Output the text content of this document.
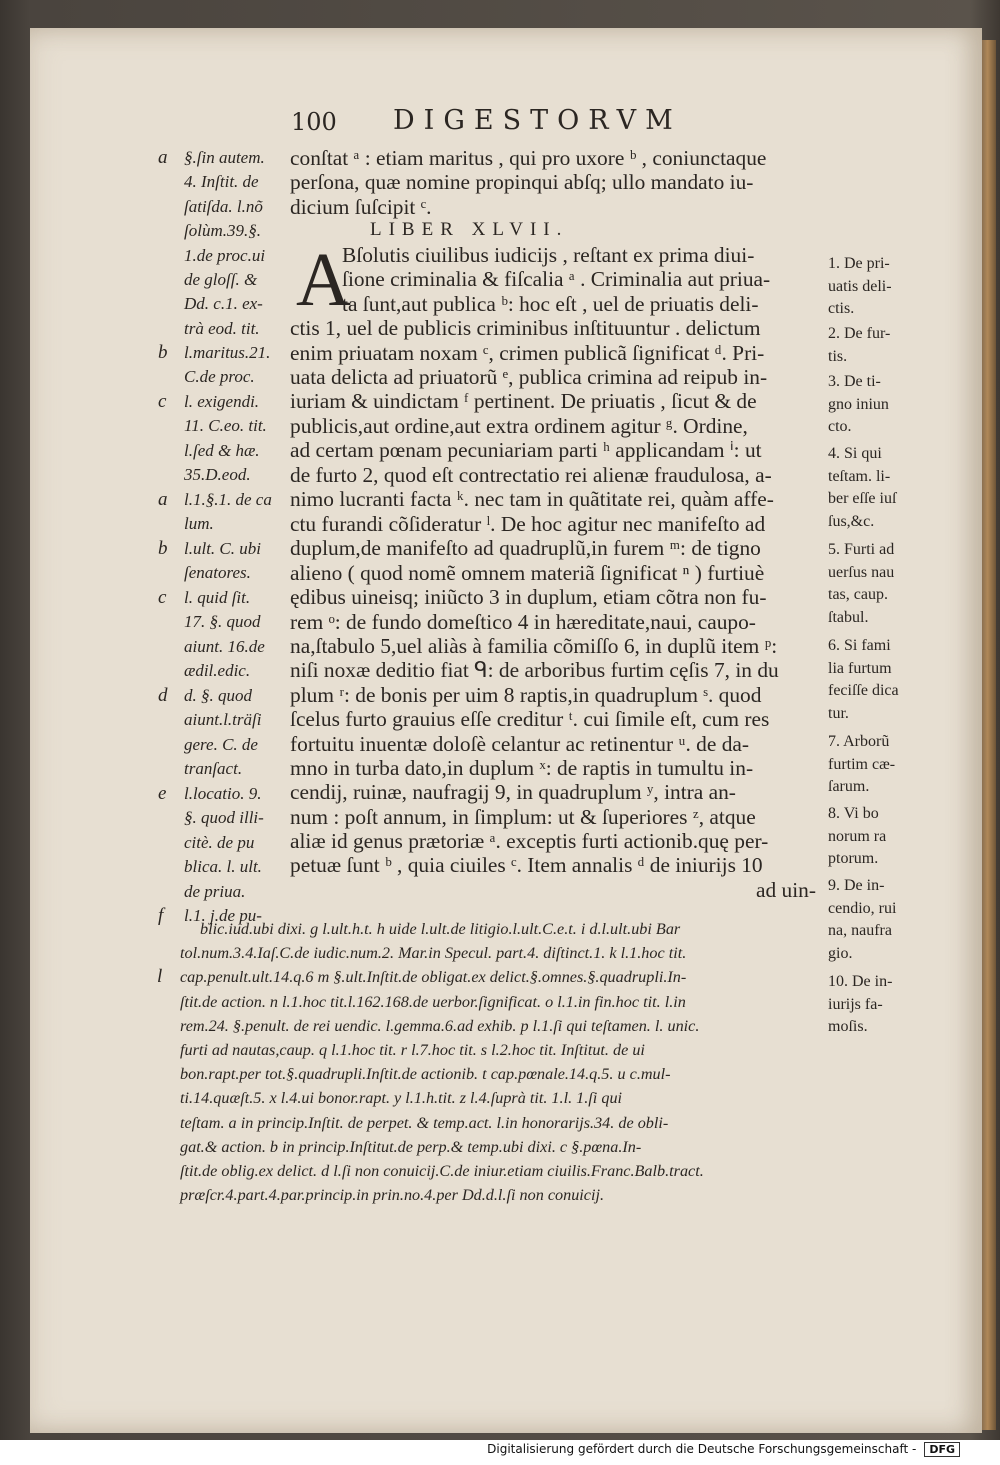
100 DIGESTORVM
a §.ſin autem.
4. Inſtit. de
ſatiſda. l.nõ
ſolùm.39.§.
1.de proc.ui
de gloſſ. &
Dd. c.1. ex-
trà eod. tit.
b l.maritus.21.
C.de proc.
c l. exigendi.
11. C.eo. tit.
l.ſed & hæ.
35.D.eod.
a l.1.§.1. de ca
lum.
b l.ult. C. ubi
ſenatores.
c l. quid ſit.
17. §. quod
aiunt. 16.de
ædil.edic.
d d. §. quod
aiunt.l.träſi
gere. C. de
tranſact.
e l.locatio. 9.
§. quod illi-
citè. de pu
blica. l. ult.
de priua.
f l.1. j.de pu-
conſtat ᵃ : etiam maritus , qui pro uxore ᵇ , coniunctaque
perſona, quæ nomine propinqui abſq; ullo mandato iu-
dicium ſuſcipit ᶜ.
LIBER XLVII.
A
Bſolutis ciuilibus iudicijs , reſtant ex prima diui-
ſione criminalia & fiſcalia ᵃ . Criminalia aut priua-
ta ſunt,aut publica ᵇ: hoc eſt , uel de priuatis deli-
ctis 1, uel de publicis criminibus inſtituuntur . delictum
enim priuatam noxam ᶜ, crimen publicã ſignificat ᵈ. Pri-
uata delicta ad priuatorũ ᵉ, publica crimina ad reipub in-
iuriam & uindictam ᶠ pertinent. De priuatis , ſicut & de
publicis,aut ordine,aut extra ordinem agitur ᵍ. Ordine,
ad certam pœnam pecuniariam parti ʰ applicandam ⁱ: ut
de furto 2, quod eſt contrectatio rei alienæ fraudulosa, a-
nimo lucranti facta ᵏ. nec tam in quãtitate rei, quàm affe-
ctu furandi cõſideratur ˡ. De hoc agitur nec manifeſto ad
duplum,de manifeſto ad quadruplũ,in furem ᵐ: de tigno
alieno ( quod nomẽ omnem materiã ſignificat ⁿ ) furtiuè
ędibus uineisq; iniũcto 3 in duplum, etiam cõtra non fu-
rem ᵒ: de fundo domeſtico 4 in hæreditate,naui, caupo-
na,ſtabulo 5,uel aliàs à familia cõmiſſo 6, in duplũ item ᵖ:
niſi noxæ deditio fiat ᑫ: de arboribus furtim cęſis 7, in du
plum ʳ: de bonis per uim 8 raptis,in quadruplum ˢ. quod
ſcelus furto grauius eſſe creditur ᵗ. cui ſimile eſt, cum res
fortuitu inuentæ doloſè celantur ac retinentur ᵘ. de da-
mno in turba dato,in duplum ˣ: de raptis in tumultu in-
cendij, ruinæ, naufragij 9, in quadruplum ʸ, intra an-
num : poſt annum, in ſimplum: ut & ſuperiores ᶻ, atque
aliæ id genus prætoriæ ᵃ. exceptis furti actionib.quę per-
petuæ ſunt ᵇ , quia ciuiles ᶜ. Item annalis ᵈ de iniurijs 10
ad uin-
1. De pri-
uatis deli-
ctis.
2. De fur-
tis.
3. De ti-
gno iniun
cto.
4. Si qui
teſtam. li-
ber eſſe iuſ
ſus,&c.
5. Furti ad
uerſus nau
tas, caup.
ſtabul.
6. Si fami
lia furtum
feciſſe dica
tur.
7. Arborũ
furtim cæ-
ſarum.
8. Vi bo
norum ra
ptorum.
9. De in-
cendio, rui
na, naufra
gio.
10. De in-
iurijs fa-
moſis.
l
blic.iud.ubi dixi. g l.ult.h.t. h uide l.ult.de litigio.l.ult.C.e.t. i d.l.ult.ubi Bar
tol.num.3.4.Iaſ.C.de iudic.num.2. Mar.in Specul. part.4. diſtinct.1. k l.1.hoc tit.
cap.penult.ult.14.q.6 m §.ult.Inſtit.de obligat.ex delict.§.omnes.§.quadrupli.In-
ſtit.de action. n l.1.hoc tit.l.162.168.de uerbor.ſignificat. o l.1.in fin.hoc tit. l.in
rem.24. §.penult. de rei uendic. l.gemma.6.ad exhib. p l.1.ſi qui teſtamen. l. unic.
furti ad nautas,caup. q l.1.hoc tit. r l.7.hoc tit. s l.2.hoc tit. Inſtitut. de ui
bon.rapt.per tot.§.quadrupli.Inſtit.de actionib. t cap.pœnale.14.q.5. u c.mul-
ti.14.quæſt.5. x l.4.ui bonor.rapt. y l.1.h.tit. z l.4.ſuprà tit. 1.l. 1.ſi qui
teſtam. a in princip.Inſtit. de perpet. & temp.act. l.in honorarijs.34. de obli-
gat.& action. b in princip.Inſtitut.de perp.& temp.ubi dixi. c §.pœna.In-
ſtit.de oblig.ex delict. d l.ſi non conuicij.C.de iniur.etiam ciuilis.Franc.Balb.tract.
præſcr.4.part.4.par.princip.in prin.no.4.per Dd.d.l.ſi non conuicij.
Digitalisierung gefördert durch die Deutsche Forschungsgemeinschaft - DFG
